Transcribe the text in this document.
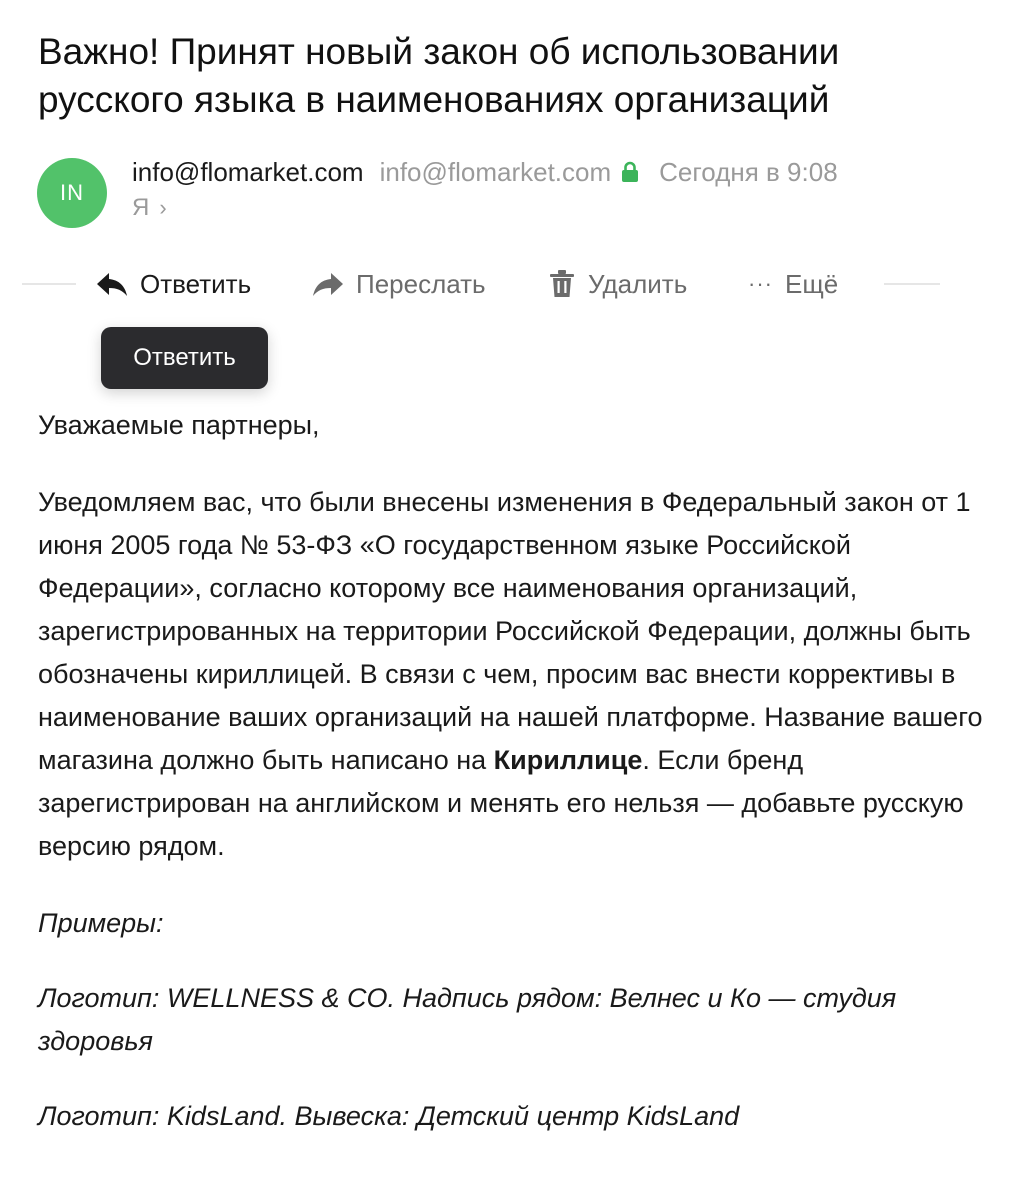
Важно! Принят новый закон об использовании русского языка в наименованиях организаций
IN
info@flomarket.com info@flomarket.com Сегодня в 9:08
Я ›
Ответить	Переслать	Удалить	··· Ещё
Ответить

Уважаемые партнеры,

Уведомляем вас, что были внесены изменения в Федеральный закон от 1 июня 2005 года № 53-ФЗ «О государственном языке Российской Федерации», согласно которому все наименования организаций, зарегистрированных на территории Российской Федерации, должны быть обозначены кириллицей. В связи с чем, просим вас внести коррективы в наименование ваших организаций на нашей платформе. Название вашего магазина должно быть написано на Кириллице. Если бренд зарегистрирован на английском и менять его нельзя — добавьте русскую версию рядом.

Примеры:

Логотип: WELLNESS & CO. Надпись рядом: Велнес и Ко — студия здоровья

Логотип: KidsLand. Вывеска: Детский центр KidsLand
